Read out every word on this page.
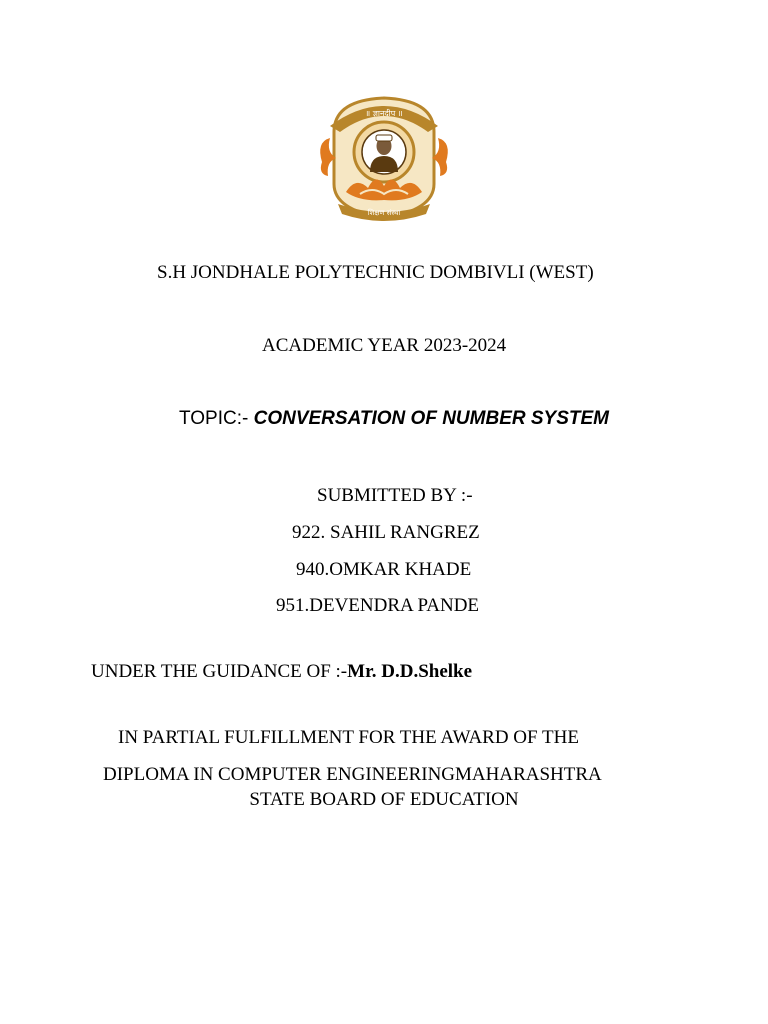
॥ ज्ञानदीप ॥
शिक्षण संस्था
S.H JONDHALE POLYTECHNIC DOMBIVLI (WEST)
ACADEMIC YEAR 2023-2024
TOPIC:- CONVERSATION OF NUMBER SYSTEM
SUBMITTED BY :-
922. SAHIL RANGREZ
940.OMKAR KHADE
951.DEVENDRA PANDE
UNDER THE GUIDANCE OF :-Mr. D.D.Shelke
IN PARTIAL FULFILLMENT FOR THE AWARD OF THE
DIPLOMA IN COMPUTER ENGINEERINGMAHARASHTRA
STATE BOARD OF EDUCATION
